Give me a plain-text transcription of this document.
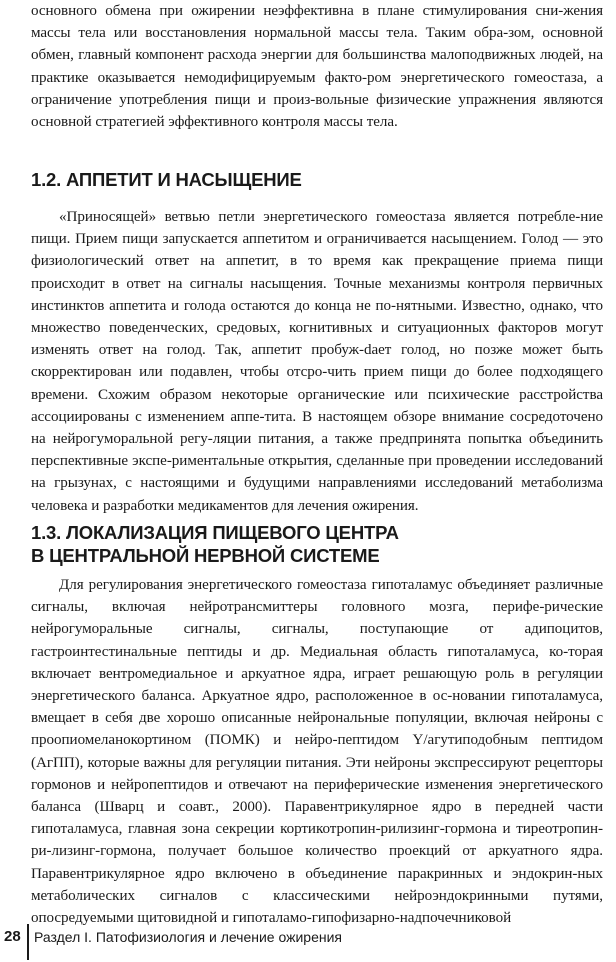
основного обмена при ожирении неэффективна в плане стимулирования сни-жения массы тела или восстановления нормальной массы тела. Таким обра-зом, основной обмен, главный компонент расхода энергии для большинства малоподвижных людей, на практике оказывается немодифицируемым факто-ром энергетического гомеостаза, а ограничение употребления пищи и произ-вольные физические упражнения являются основной стратегией эффективного контроля массы тела.

1.2. АППЕТИТ И НАСЫЩЕНИЕ

«Приносящей» ветвью петли энергетического гомеостаза является потребле-ние пищи. Прием пищи запускается аппетитом и ограничивается насыщением. Голод — это физиологический ответ на аппетит, в то время как прекращение приема пищи происходит в ответ на сигналы насыщения. Точные механизмы контроля первичных инстинктов аппетита и голода остаются до конца не по-нятными. Известно, однако, что множество поведенческих, средовых, когнитивных и ситуационных факторов могут изменять ответ на голод. Так, аппетит пробуж-dает голод, но позже может быть скорректирован или подавлен, чтобы отсро-чить прием пищи до более подходящего времени. Схожим образом некоторые органические или психические расстройства ассоциированы с изменением аппе-тита. В настоящем обзоре внимание сосредоточено на нейрогуморальной регу-ляции питания, а также предпринята попытка объединить перспективные экспе-риментальные открытия, сделанные при проведении исследований на грызунах, с настоящими и будущими направлениями исследований метаболизма человека и разработки медикаментов для лечения ожирения.

1.3. ЛОКАЛИЗАЦИЯ ПИЩЕВОГО ЦЕНТРА
В ЦЕНТРАЛЬНОЙ НЕРВНОЙ СИСТЕМЕ

Для регулирования энергетического гомеостаза гипоталамус объединяет различные сигналы, включая нейротрансмиттеры головного мозга, перифе-рические нейрогуморальные сигналы, сигналы, поступающие от адипоцитов, гастроинтестинальные пептиды и др. Медиальная область гипоталамуса, ко-торая включает вентромедиальное и аркуатное ядра, играет решающую роль в регуляции энергетического баланса. Аркуатное ядро, расположенное в ос-новании гипоталамуса, вмещает в себя две хорошо описанные нейрональные популяции, включая нейроны с проопиомеланокортином (ПОМК) и нейро-пептидом Y/агутиподобным пептидом (АгПП), которые важны для регуляции питания. Эти нейроны экспрессируют рецепторы гормонов и нейропептидов и отвечают на периферические изменения энергетического баланса (Шварц и соавт., 2000). Паравентрикулярное ядро в передней части гипоталамуса, главная зона секреции кортикотропин-рилизинг-гормона и тиреотропин-ри-лизинг-гормона, получает большое количество проекций от аркуатного ядра. Паравентрикулярное ядро включено в объединение паракринных и эндокрин-ных метаболических сигналов с классическими нейроэндокринными путями, опосредуемыми щитовидной и гипоталамо-гипофизарно-надпочечниковой

28 Раздел I. Патофизиология и лечение ожирения
